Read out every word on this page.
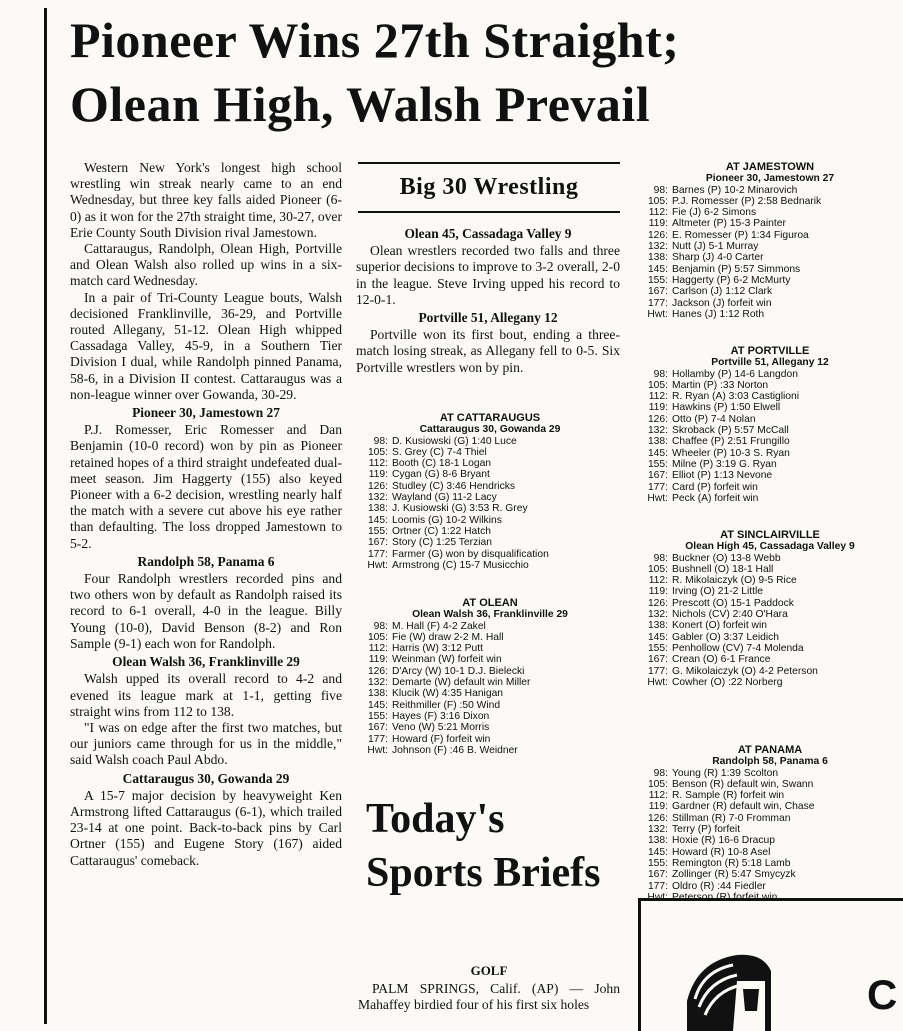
Pioneer Wins 27th Straight;
Olean High, Walsh Prevail

Western New York's longest high school wrestling win streak nearly came to an end Wednesday, but three key falls aided Pioneer (6-0) as it won for the 27th straight time, 30-27, over Erie County South Division rival Jamestown.

Cattaraugus, Randolph, Olean High, Portville and Olean Walsh also rolled up wins in a six-match card Wednesday.

In a pair of Tri-County League bouts, Walsh decisioned Franklinville, 36-29, and Portville routed Allegany, 51-12. Olean High whipped Cassadaga Valley, 45-9, in a Southern Tier Division I dual, while Randolph pinned Panama, 58-6, in a Division II contest. Cattaraugus was a non-league winner over Gowanda, 30-29.

Pioneer 30, Jamestown 27

P.J. Romesser, Eric Romesser and Dan Benjamin (10-0 record) won by pin as Pioneer retained hopes of a third straight undefeated dual-meet season. Jim Haggerty (155) also keyed Pioneer with a 6-2 decision, wrestling nearly half the match with a severe cut above his eye rather than defaulting. The loss dropped Jamestown to 5-2.

Randolph 58, Panama 6

Four Randolph wrestlers recorded pins and two others won by default as Randolph raised its record to 6-1 overall, 4-0 in the league. Billy Young (10-0), David Benson (8-2) and Ron Sample (9-1) each won for Randolph.

Olean Walsh 36, Franklinville 29

Walsh upped its overall record to 4-2 and evened its league mark at 1-1, getting five straight wins from 112 to 138.

"I was on edge after the first two matches, but our juniors came through for us in the middle," said Walsh coach Paul Abdo.

Cattaraugus 30, Gowanda 29

A 15-7 major decision by heavyweight Ken Armstrong lifted Cattaraugus (6-1), which trailed 23-14 at one point. Back-to-back pins by Carl Ortner (155) and Eugene Story (167) aided Cattaraugus' comeback.

Big 30 Wrestling
Olean 45, Cassadaga Valley 9

Olean wrestlers recorded two falls and three superior decisions to improve to 3-2 overall, 2-0 in the league. Steve Irving upped his record to 12-0-1.

Portville 51, Allegany 12

Portville won its first bout, ending a three-match losing streak, as Allegany fell to 0-5. Six Portville wrestlers won by pin.

AT CATTARAUGUS
Cattaraugus 30, Gowanda 29
98: D. Kusiowski (G) 1:40 Luce
105: S. Grey (C) 7-4 Thiel
112: Booth (C) 18-1 Logan
119: Cygan (G) 8-6 Bryant
126: Studley (C) 3:46 Hendricks
132: Wayland (G) 11-2 Lacy
138: J. Kusiowski (G) 3:53 R. Grey
145: Loomis (G) 10-2 Wilkins
155: Ortner (C) 1:22 Hatch
167: Story (C) 1:25 Terzian
177: Farmer (G) won by disqualification
Hwt: Armstrong (C) 15-7 Musicchio
AT OLEAN
Olean Walsh 36, Franklinville 29
98: M. Hall (F) 4-2 Zakel
105: Fie (W) draw 2-2 M. Hall
112: Harris (W) 3:12 Putt
119: Weinman (W) forfeit win
126: D'Arcy (W) 10-1 D.J. Bielecki
132: Demarte (W) default win Miller
138: Klucik (W) 4:35 Hanigan
145: Reithmiller (F) :50 Wind
155: Hayes (F) 3:16 Dixon
167: Veno (W) 5:21 Morris
177: Howard (F) forfeit win
Hwt: Johnson (F) :46 B. Weidner
AT JAMESTOWN
Pioneer 30, Jamestown 27
98: Barnes (P) 10-2 Minarovich
105: P.J. Romesser (P) 2:58 Bednarik
112: Fie (J) 6-2 Simons
119: Altmeter (P) 15-3 Painter
126: E. Romesser (P) 1:34 Figuroa
132: Nutt (J) 5-1 Murray
138: Sharp (J) 4-0 Carter
145: Benjamin (P) 5:57 Simmons
155: Haggerty (P) 6-2 McMurty
167: Carlson (J) 1:12 Clark
177: Jackson (J) forfeit win
Hwt: Hanes (J) 1:12 Roth
AT PORTVILLE
Portville 51, Allegany 12
98: Hollamby (P) 14-6 Langdon
105: Martin (P) :33 Norton
112: R. Ryan (A) 3:03 Castiglioni
119: Hawkins (P) 1:50 Elwell
126: Otto (P) 7-4 Nolan
132: Skroback (P) 5:57 McCall
138: Chaffee (P) 2:51 Frungillo
145: Wheeler (P) 10-3 S. Ryan
155: Milne (P) 3:19 G. Ryan
167: Elliot (P) 1:13 Nevone
177: Card (P) forfeit win
Hwt: Peck (A) forfeit win
AT SINCLAIRVILLE
Olean High 45, Cassadaga Valley 9
98: Buckner (O) 13-8 Webb
105: Bushnell (O) 18-1 Hall
112: R. Mikolaiczyk (O) 9-5 Rice
119: Irving (O) 21-2 Little
126: Prescott (O) 15-1 Paddock
132: Nichols (CV) 2:40 O'Hara
138: Konert (O) forfeit win
145: Gabler (O) 3:37 Leidich
155: Penhollow (CV) 7-4 Molenda
167: Crean (O) 6-1 France
177: G. Mikolaiczyk (O) 4-2 Peterson
Hwt: Cowher (O) :22 Norberg
AT PANAMA
Randolph 58, Panama 6
98: Young (R) 1:39 Scolton
105: Benson (R) default win, Swann
112: R. Sample (R) forfeit win
119: Gardner (R) default win, Chase
126: Stillman (R) 7-0 Fromman
132: Terry (P) forfeit
138: Hoxie (R) 16-6 Dracup
145: Howard (R) 10-8 Asel
155: Remington (R) 5:18 Lamb
167: Zollinger (R) 5:47 Smycyzk
177: Oldro (R) :44 Fiedler
Today's Sports Briefs
GOLF

PALM SPRINGS, Calif. (AP) — John Mahaffey birdied four of his first six holes	C
